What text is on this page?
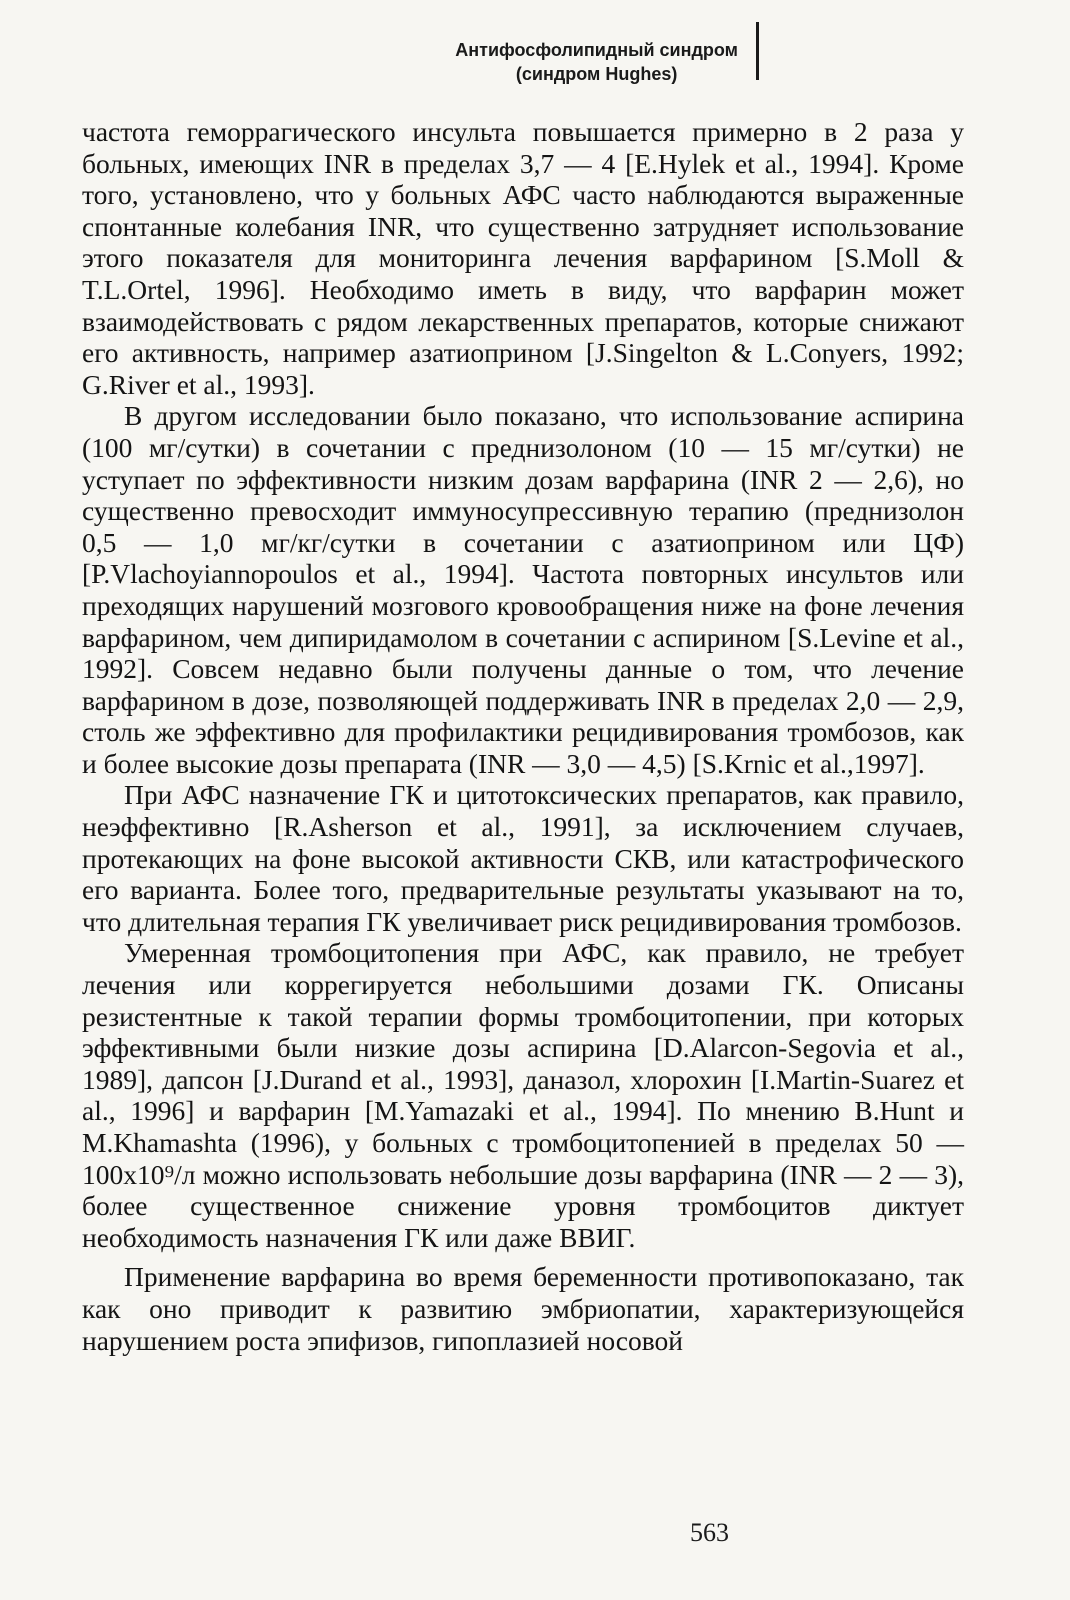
Антифосфолипидный синдром
(синдром Hughes)

частота геморрагического инсульта повышается примерно в 2 раза у больных, имеющих INR в пределах 3,7 — 4 [E.Hylek et al., 1994]. Кроме того, установлено, что у больных АФС часто наблюдаются выраженные спонтанные колебания INR, что существенно затрудняет использование этого показателя для мониторинга лечения варфарином [S.Moll & T.L.Ortel, 1996]. Необходимо иметь в виду, что варфарин может взаимодействовать с рядом лекарственных препаратов, которые снижают его активность, например азатиоприном [J.Singelton & L.Conyers, 1992; G.River et al., 1993].

В другом исследовании было показано, что использование аспирина (100 мг/сутки) в сочетании с преднизолоном (10 — 15 мг/сутки) не уступает по эффективности низким дозам варфарина (INR 2 — 2,6), но существенно превосходит иммуносупрессивную терапию (преднизолон 0,5 — 1,0 мг/кг/сутки в сочетании с азатиоприном или ЦФ) [P.Vlachoyiannopoulos et al., 1994]. Частота повторных инсультов или преходящих нарушений мозгового кровообращения ниже на фоне лечения варфарином, чем дипиридамолом в сочетании с аспирином [S.Levine et al., 1992]. Совсем недавно были получены данные о том, что лечение варфарином в дозе, позволяющей поддерживать INR в пределах 2,0 — 2,9, столь же эффективно для профилактики рецидивирования тромбозов, как и более высокие дозы препарата (INR — 3,0 — 4,5) [S.Krnic et al.,1997].

При АФС назначение ГК и цитотоксических препаратов, как правило, неэффективно [R.Asherson et al., 1991], за исключением случаев, протекающих на фоне высокой активности СКВ, или катастрофического его варианта. Более того, предварительные результаты указывают на то, что длительная терапия ГК увеличивает риск рецидивирования тромбозов.

Умеренная тромбоцитопения при АФС, как правило, не требует лечения или коррегируется небольшими дозами ГК. Описаны резистентные к такой терапии формы тромбоцитопении, при которых эффективными были низкие дозы аспирина [D.Alarcon-Segovia et al., 1989], дапсон [J.Durand et al., 1993], даназол, хлорохин [I.Martin-Suarez et al., 1996] и варфарин [M.Yamazaki et al., 1994]. По мнению B.Hunt и M.Khamashta (1996), у больных с тромбоцитопенией в пределах 50 — 100x10⁹/л можно использовать небольшие дозы варфарина (INR — 2 — 3), более существенное снижение уровня тромбоцитов диктует необходимость назначения ГК или даже ВВИГ.

Применение варфарина во время беременности противопоказано, так как оно приводит к развитию эмбриопатии, характеризующейся нарушением роста эпифизов, гипоплазией носовой

563
